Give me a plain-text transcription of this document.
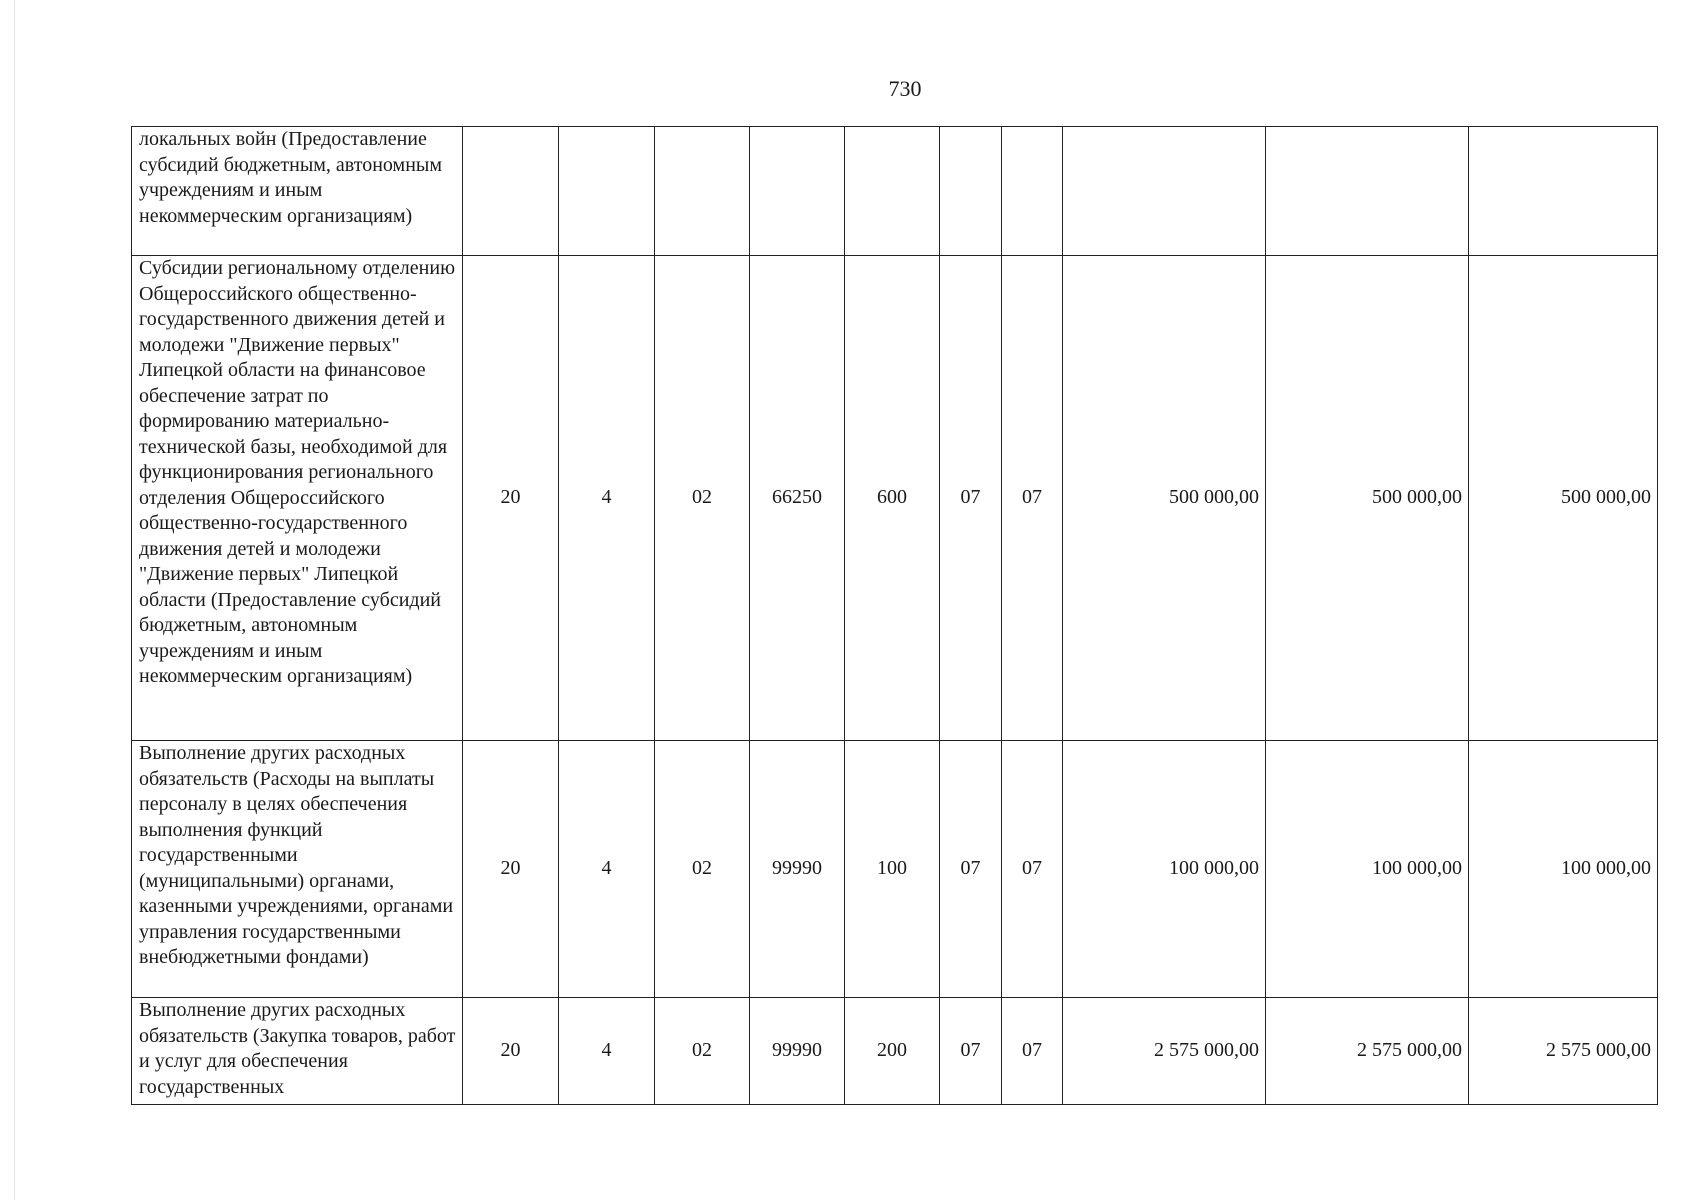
730
локальных войн (Предоставление субсидий бюджетным, автономным учреждениям и иным некоммерческим организациям)										
Субсидии региональному отделению Общероссийского общественно-государственного движения детей и молодежи "Движение первых" Липецкой области на финансовое обеспечение затрат по формированию материально-технической базы, необходимой для функционирования регионального отделения Общероссийского общественно-государственного движения детей и молодежи "Движение первых" Липецкой области (Предоставление субсидий бюджетным, автономным учреждениям и иным некоммерческим организациям)	20	4	02	66250	600	07	07	500 000,00	500 000,00	500 000,00
Выполнение других расходных обязательств (Расходы на выплаты персоналу в целях обеспечения выполнения функций государственными (муниципальными) органами, казенными учреждениями, органами управления государственными внебюджетными фондами)	20	4	02	99990	100	07	07	100 000,00	100 000,00	100 000,00
Выполнение других расходных обязательств (Закупка товаров, работ и услуг для обеспечения государственных	20	4	02	99990	200	07	07	2 575 000,00	2 575 000,00	2 575 000,00
